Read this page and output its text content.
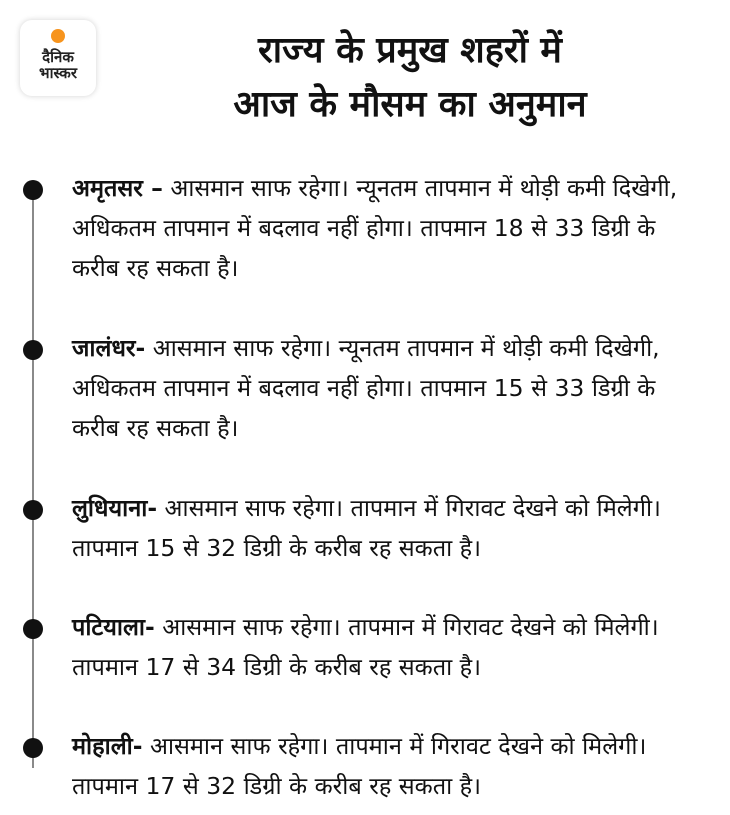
दैनिक
भास्कर
राज्य के प्रमुख शहरों में
आज के मौसम का अनुमान
अमृतसर – आसमान साफ रहेगा। न्यूनतम तापमान में थोड़ी कमी दिखेगी, अधिकतम तापमान में बदलाव नहीं होगा। तापमान 18 से 33 डिग्री के करीब रह सकता है।
जालंधर- आसमान साफ रहेगा। न्यूनतम तापमान में थोड़ी कमी दिखेगी, अधिकतम तापमान में बदलाव नहीं होगा। तापमान 15 से 33 डिग्री के करीब रह सकता है।
लुधियाना- आसमान साफ रहेगा। तापमान में गिरावट देखने को मिलेगी। तापमान 15 से 32 डिग्री के करीब रह सकता है।
पटियाला- आसमान साफ रहेगा। तापमान में गिरावट देखने को मिलेगी। तापमान 17 से 34 डिग्री के करीब रह सकता है।
मोहाली- आसमान साफ रहेगा। तापमान में गिरावट देखने को मिलेगी। तापमान 17 से 32 डिग्री के करीब रह सकता है।
